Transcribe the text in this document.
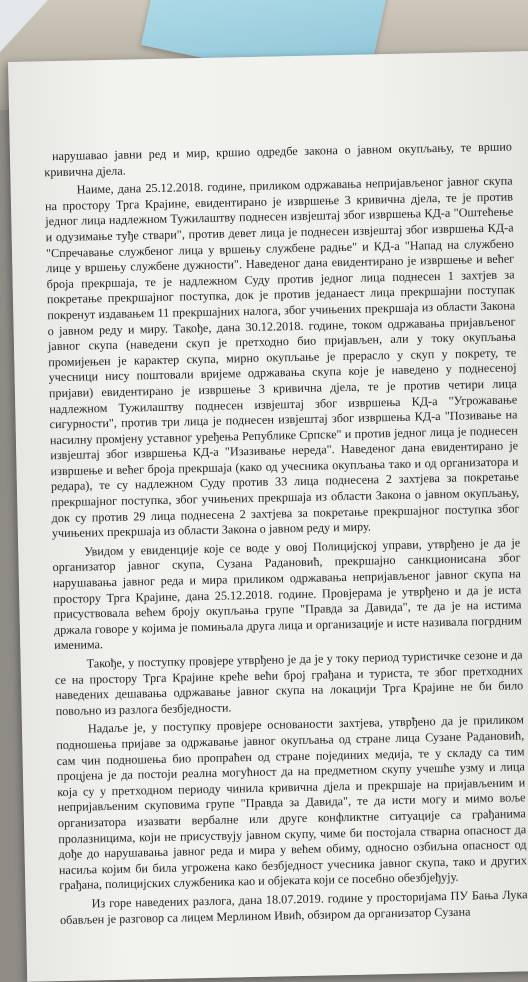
нарушавао јавни ред и мир, кршио одредбе закона о јавном окупљању, те вршио кривична дјела.

Наиме, дана 25.12.2018. године, приликом одржавања непријављеног јавног скупа на простору Трга Крајине, евидентирано је извршење 3 кривична дјела, те је против једног лица надлежном Тужилаштву поднесен извјештај због извршења КД-а "Оштећење и одузимање туђе ствари", против девет лица је поднесен извјештај због извршења КД-а "Спречавање службеног лица у вршењу службене радње" и КД-а "Напад на службено лице у вршењу службене дужности". Наведеног дана евидентирано је извршење и већег броја прекршаја, те је надлежном Суду против једног лица поднесен 1 захтјев за покретање прекршајног поступка, док је против једанаест лица прекршајни поступак покренут издавањем 11 прекршајних налога, због учињених прекршаја из области Закона о јавном реду и миру. Такође, дана 30.12.2018. године, током одржавања пријављеног јавног скупа (наведени скуп је претходно био пријављен, али у току окупљања промијењен је карактер скупа, мирно окупљање је прерасло у скуп у покрету, те учесници нису поштовали вријеме одржавања скупа које је наведено у поднесеној пријави) евидентирано је извршење 3 кривична дјела, те је против четири лица надлежном Тужилаштву поднесен извјештај због извршења КД-а "Угрожавање сигурности", против три лица је поднесен извјештај због извршења КД-а "Позивање на насилну промјену уставног уређења Републике Српске" и против једног лица је поднесен извјештај због извршења КД-а "Изазивање нереда". Наведеног дана евидентирано је извршење и већег броја прекршаја (како од учесника окупљања тако и од организатора и редара), те су надлежном Суду против 33 лица поднесена 2 захтјева за покретање прекршајног поступка, због учињених прекршаја из области Закона о јавном окупљању, док су против 29 лица поднесена 2 захтјева за покретање прекршајног поступка због учињених прекршаја из области Закона о јавном реду и миру.

Увидом у евиденције које се воде у овој Полицијској управи, утврђено је да је организатор јавног скупа, Сузана Радановић, прекршајно санкционисана због нарушавања јавног реда и мира приликом одржавања непријављеног јавног скупа на простору Трга Крајине, дана 25.12.2018. године. Провјерама је утврђено и да је иста присуствовала већем броју окупљања групе "Правда за Давида", те да је на истима држала говоре у којима је помињала друга лица и организације и исте називала погрдним именима.

Такође, у поступку провјере утврђено је да је у току период туристичке сезоне и да се на простору Трга Крајине креће већи број грађана и туриста, те због претходних наведених дешавања одржавање јавног скупа на локацији Трга Крајине не би било повољно из разлога безбједности.

Надаље је, у поступку провјере основаности захтјева, утврђено да је приликом подношења пријаве за одржавање јавног окупљања од стране лица Сузане Радановић, сам чин подношења био пропраћен од стране појединих медија, те у складу са тим процјена је да постоји реална могућност да на предметном скупу учешће узму и лица која су у претходном периоду чинила кривична дјела и прекршаје на пријављеним и непријављеним скуповима групе "Правда за Давида", те да исти могу и мимо воље организатора изазвати вербалне или друге конфликтне ситуације са грађанима пролазницима, који не присуствују јавном скупу, чиме би постојала стварна опасност да дође до нарушавања јавног реда и мира у већем обиму, односно озбиљна опасност од насиља којим би била угрожена како безбједност учесника јавног скупа, тако и других грађана, полицијских службеника као и објеката који се посебно обезбјеђују.

Из горе наведених разлога, дана 18.07.2019. године у просторијама ПУ Бања Лука обављен је разговор са лицем Мерлином Ивић, обзиром да организатор Сузана
